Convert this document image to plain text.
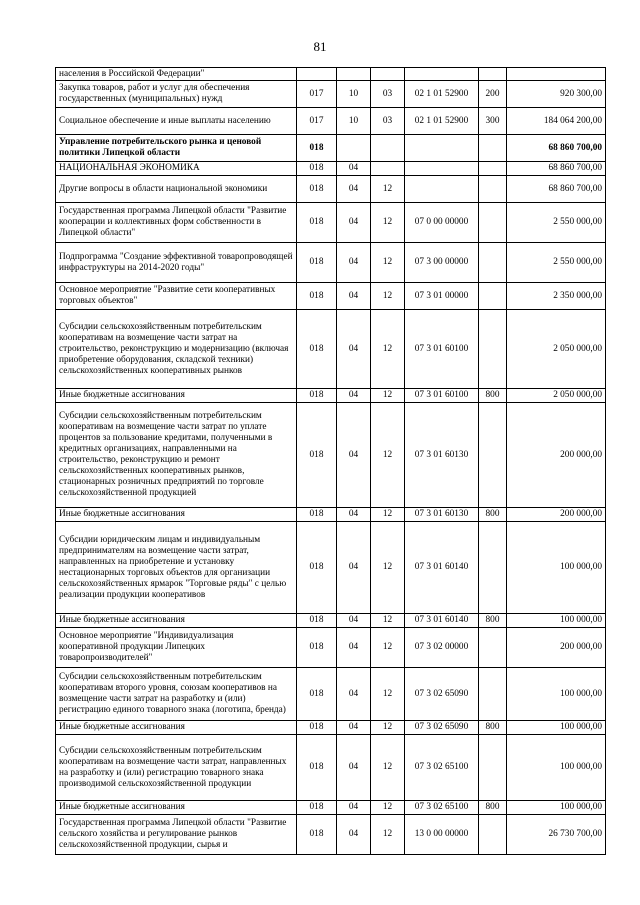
81
населения в Российской Федерации"						
Закупка товаров, работ и услуг для обеспечения государственных (муниципальных) нужд	017	10	03	02 1 01 52900	200	920 300,00
Социальное обеспечение и иные выплаты населению	017	10	03	02 1 01 52900	300	184 064 200,00
Управление потребительского рынка и ценовой политики Липецкой области	018					68 860 700,00
НАЦИОНАЛЬНАЯ ЭКОНОМИКА	018	04				68 860 700,00
Другие вопросы в области национальной экономики	018	04	12			68 860 700,00
Государственная программа Липецкой области "Развитие кооперации и коллективных форм собственности в Липецкой области"	018	04	12	07 0 00 00000		2 550 000,00
Подпрограмма "Создание эффективной товаропроводящей инфраструктуры на 2014-2020 годы"	018	04	12	07 3 00 00000		2 550 000,00
Основное мероприятие "Развитие сети кооперативных торговых объектов"	018	04	12	07 3 01 00000		2 350 000,00
Субсидии сельскохозяйственным потребительским кооперативам на возмещение части затрат на строительство, реконструкцию и модернизацию (включая приобретение оборудования, складской техники) сельскохозяйственных кооперативных рынков	018	04	12	07 3 01 60100		2 050 000,00
Иные бюджетные ассигнования	018	04	12	07 3 01 60100	800	2 050 000,00
Субсидии сельскохозяйственным потребительским кооперативам на возмещение части затрат по уплате процентов за пользование кредитами, полученными в кредитных организациях, направленными на строительство, реконструкцию и ремонт сельскохозяйственных кооперативных рынков, стационарных розничных предприятий по торговле сельскохозяйственной продукцией	018	04	12	07 3 01 60130		200 000,00
Иные бюджетные ассигнования	018	04	12	07 3 01 60130	800	200 000,00
Субсидии юридическим лицам и индивидуальным предпринимателям на возмещение части затрат, направленных на приобретение и установку нестационарных торговых объектов для организации сельскохозяйственных ярмарок "Торговые ряды" с целью реализации продукции кооперативов	018	04	12	07 3 01 60140		100 000,00
Иные бюджетные ассигнования	018	04	12	07 3 01 60140	800	100 000,00
Основное мероприятие "Индивидуализация кооперативной продукции Липецких товаропроизводителей"	018	04	12	07 3 02 00000		200 000,00
Субсидии сельскохозяйственным потребительским кооперативам второго уровня, союзам кооперативов на возмещение части затрат на разработку и (или) регистрацию единого товарного знака (логотипа, бренда)	018	04	12	07 3 02 65090		100 000,00
Иные бюджетные ассигнования	018	04	12	07 3 02 65090	800	100 000,00
Субсидии сельскохозяйственным потребительским кооперативам на возмещение части затрат, направленных на разработку и (или) регистрацию товарного знака производимой сельскохозяйственной продукции	018	04	12	07 3 02 65100		100 000,00
Иные бюджетные ассигнования	018	04	12	07 3 02 65100	800	100 000,00
Государственная программа Липецкой области "Развитие сельского хозяйства и регулирование рынков сельскохозяйственной продукции, сырья и	018	04	12	13 0 00 00000		26 730 700,00
